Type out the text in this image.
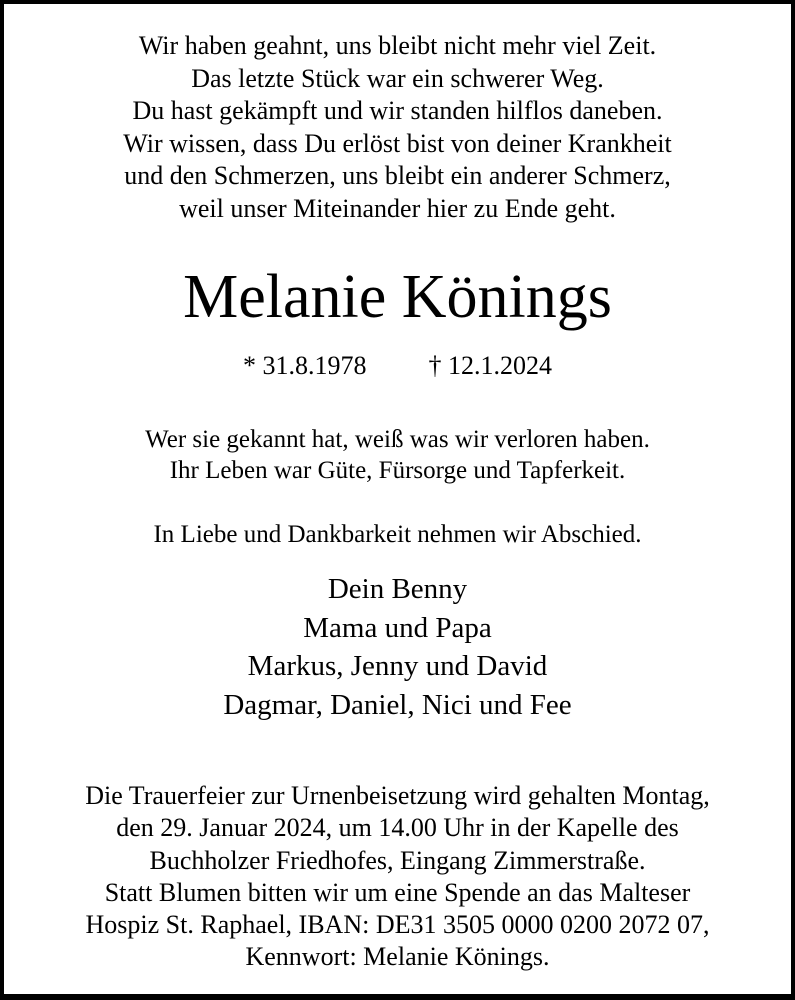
Wir haben geahnt, uns bleibt nicht mehr viel Zeit.
Das letzte Stück war ein schwerer Weg.
Du hast gekämpft und wir standen hilflos daneben.
Wir wissen, dass Du erlöst bist von deiner Krankheit
und den Schmerzen, uns bleibt ein anderer Schmerz,
weil unser Miteinander hier zu Ende geht.
Melanie Könings
* 31.8.1978 † 12.1.2024
Wer sie gekannt hat, weiß was wir verloren haben.
Ihr Leben war Güte, Fürsorge und Tapferkeit.
In Liebe und Dankbarkeit nehmen wir Abschied.
Dein Benny
Mama und Papa
Markus, Jenny und David
Dagmar, Daniel, Nici und Fee
Die Trauerfeier zur Urnenbeisetzung wird gehalten Montag,
den 29. Januar 2024, um 14.00 Uhr in der Kapelle des
Buchholzer Friedhofes, Eingang Zimmerstraße.
Statt Blumen bitten wir um eine Spende an das Malteser
Hospiz St. Raphael, IBAN: DE31 3505 0000 0200 2072 07,
Kennwort: Melanie Könings.
